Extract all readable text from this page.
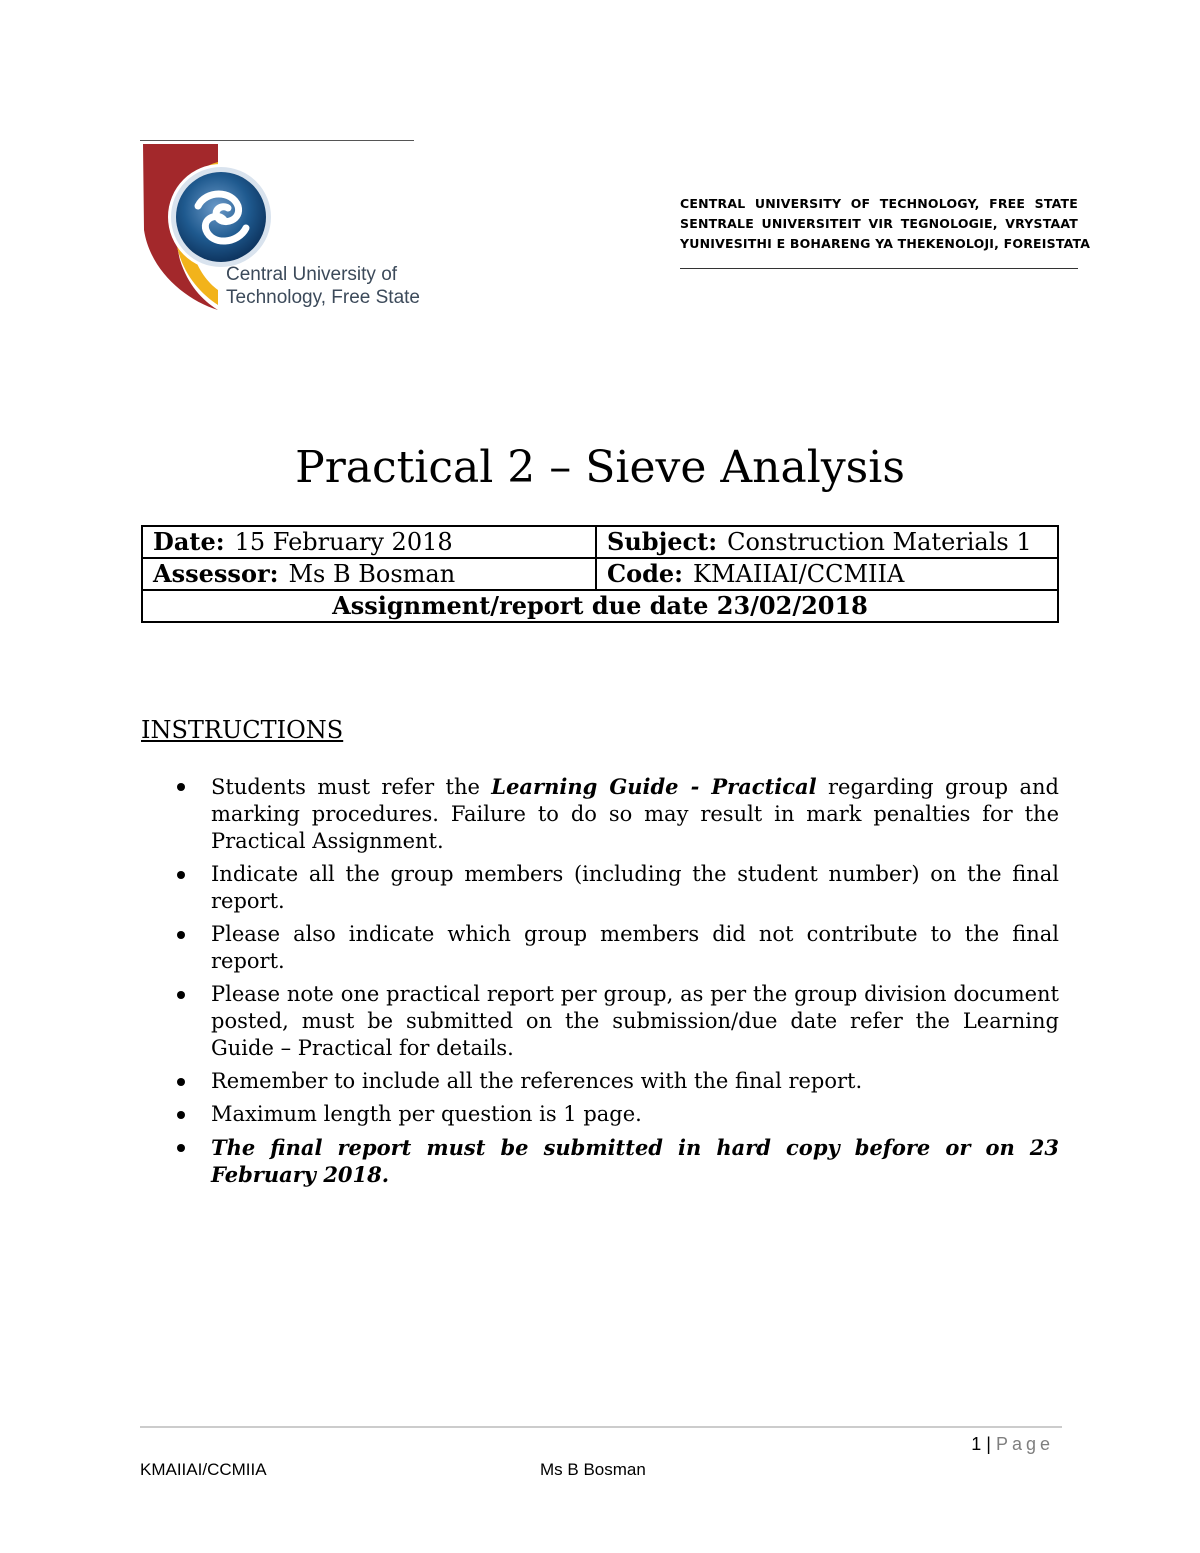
Central University of
Technology, Free State
CENTRAL UNIVERSITY OF TECHNOLOGY, FREE STATE
SENTRALE UNIVERSITEIT VIR TEGNOLOGIE, VRYSTAAT
YUNIVESITHI E BOHARENG YA THEKENOLOJI, FOREISTATA
Practical 2 – Sieve Analysis
Date: 15 February 2018	Subject: Construction Materials 1
Assessor: Ms B Bosman	Code: KMAIIAI/CCMIIA
Assignment/report due date 23/02/2018	
INSTRUCTIONS
Students must refer the Learning Guide - Practical regarding group and marking procedures. Failure to do so may result in mark penalties for the Practical Assignment.
Indicate all the group members (including the student number) on the final report.
Please also indicate which group members did not contribute to the final report.
Please note one practical report per group, as per the group division document posted, must be submitted on the submission/due date refer the Learning Guide – Practical for details.
Remember to include all the references with the final report.
Maximum length per question is 1 page.
The final report must be submitted in hard copy before or on 23 February 2018.
1 | Page
KMAIIAI/CCMIIA	Ms B Bosman
